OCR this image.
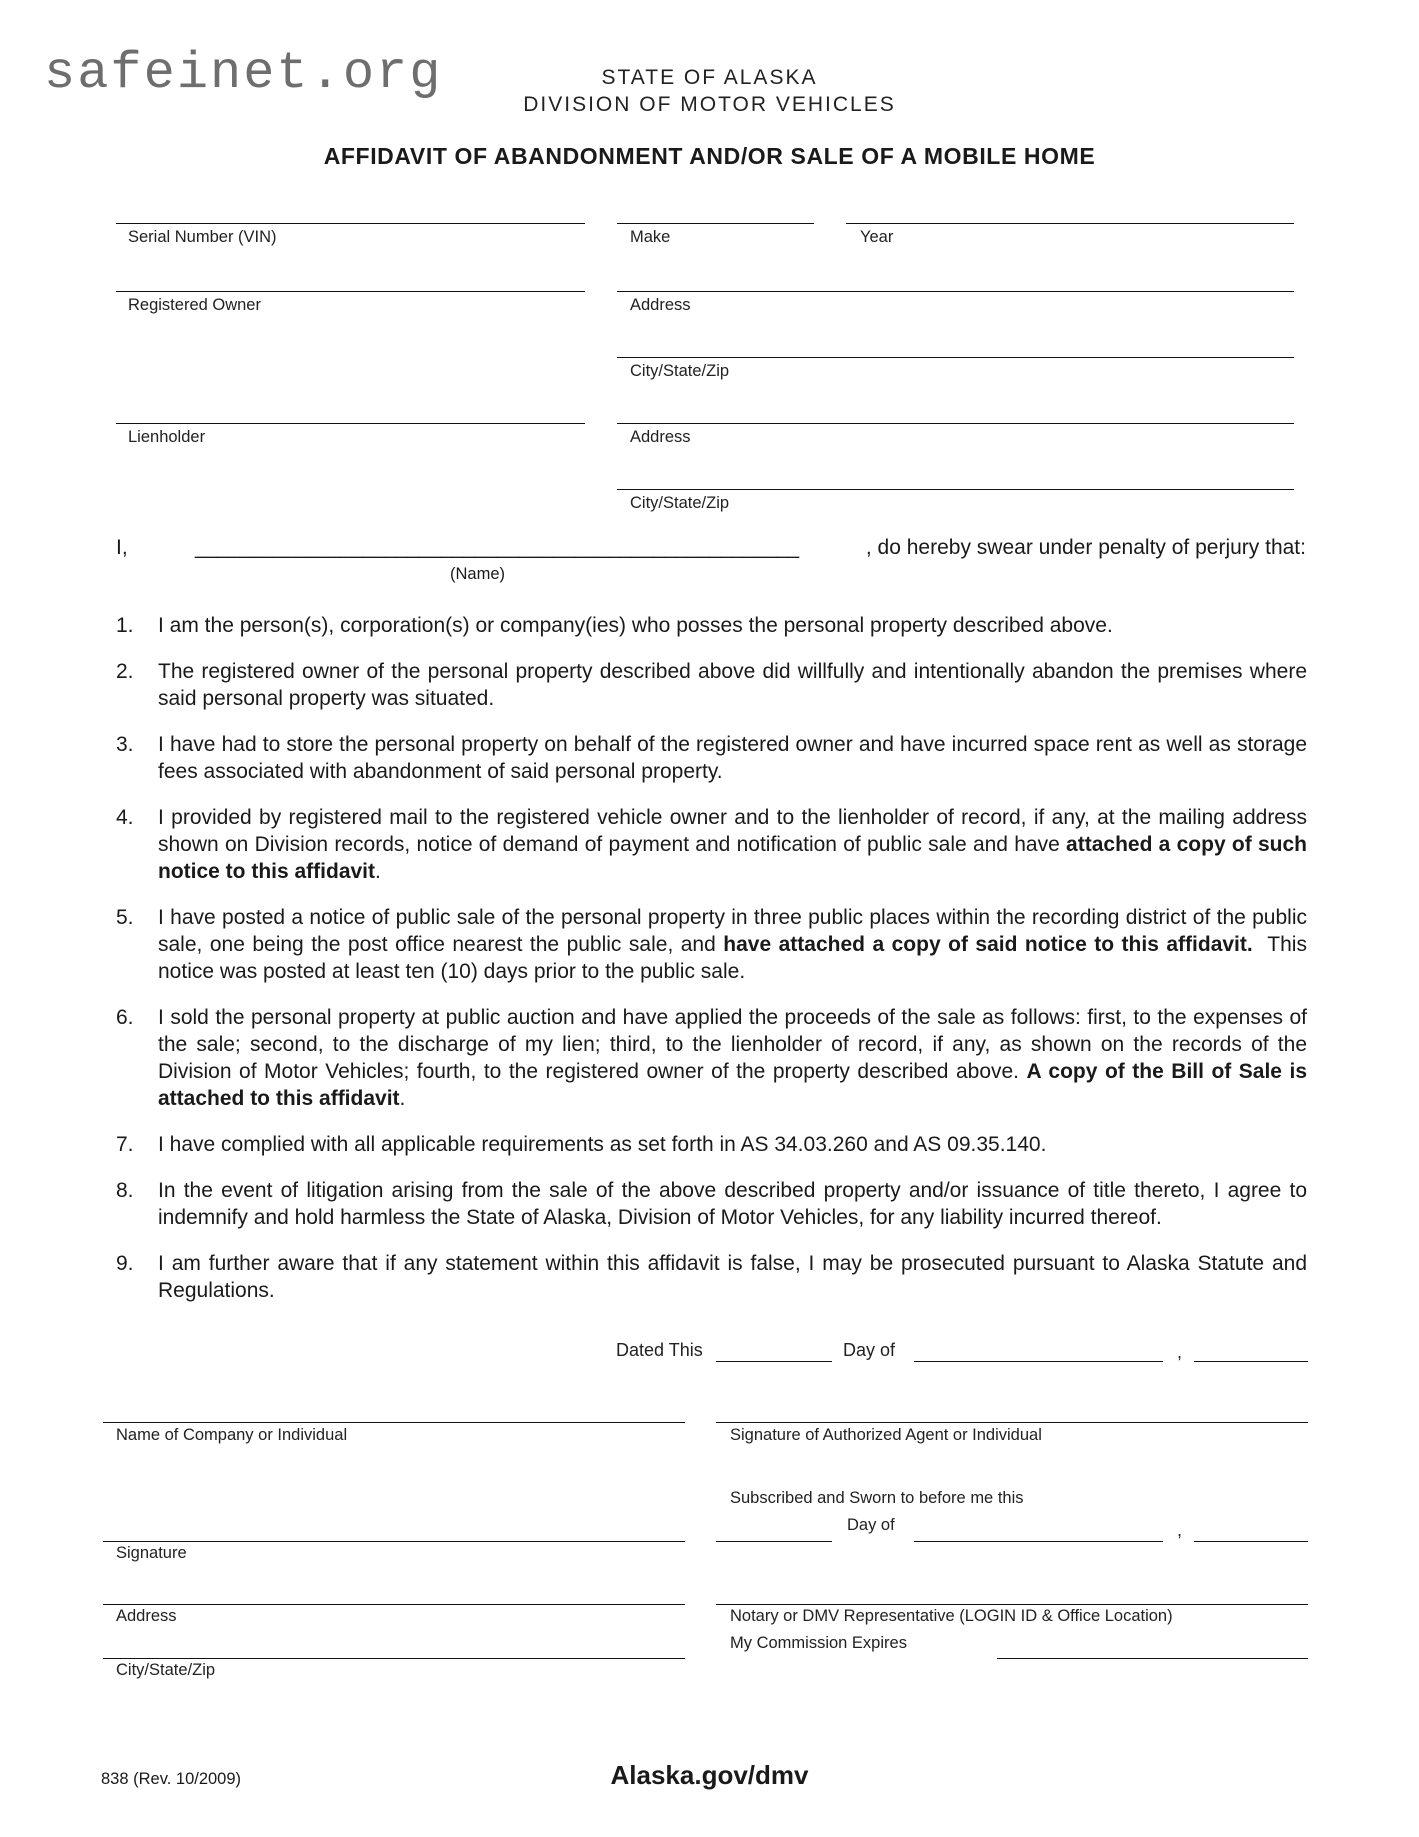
safeinet.org	STATE OF ALASKA
DIVISION OF MOTOR VEHICLES
AFFIDAVIT OF ABANDONMENT AND/OR SALE OF A MOBILE HOME
Serial Number (VIN)	Make	Year
Registered Owner	Address
City/State/Zip
Lienholder	Address
City/State/Zip
I,	______________________________________________________	, do hereby swear under penalty of perjury that:
(Name)
1. I am the person(s), corporation(s) or company(ies) who posses the personal property described above.
2. The registered owner of the personal property described above did willfully and intentionally abandon the premises where said personal property was situated.
3. I have had to store the personal property on behalf of the registered owner and have incurred space rent as well as storage fees associated with abandonment of said personal property.
4. I provided by registered mail to the registered vehicle owner and to the lienholder of record, if any, at the mailing address shown on Division records, notice of demand of payment and notification of public sale and have attached a copy of such notice to this affidavit.
5. I have posted a notice of public sale of the personal property in three public places within the recording district of the public sale, one being the post office nearest the public sale, and have attached a copy of said notice to this affidavit.  This notice was posted at least ten (10) days prior to the public sale.
6. I sold the personal property at public auction and have applied the proceeds of the sale as follows: first, to the expenses of the sale; second, to the discharge of my lien; third, to the lienholder of record, if any, as shown on the records of the Division of Motor Vehicles; fourth, to the registered owner of the property described above. A copy of the Bill of Sale is attached to this affidavit.
7. I have complied with all applicable requirements as set forth in AS 34.03.260 and AS 09.35.140.
8. In the event of litigation arising from the sale of the above described property and/or issuance of title thereto, I agree to indemnify and hold harmless the State of Alaska, Division of Motor Vehicles, for any liability incurred thereof.
9. I am further aware that if any statement within this affidavit is false, I may be prosecuted pursuant to Alaska Statute and Regulations.
Dated This	Day of	,
Name of Company or Individual
Signature
Address
City/State/Zip
Signature of Authorized Agent or Individual
Subscribed and Sworn to before me this
Day of	,
Notary or DMV Representative (LOGIN ID & Office Location)
My Commission Expires
838 (Rev. 10/2009)	Alaska.gov/dmv
